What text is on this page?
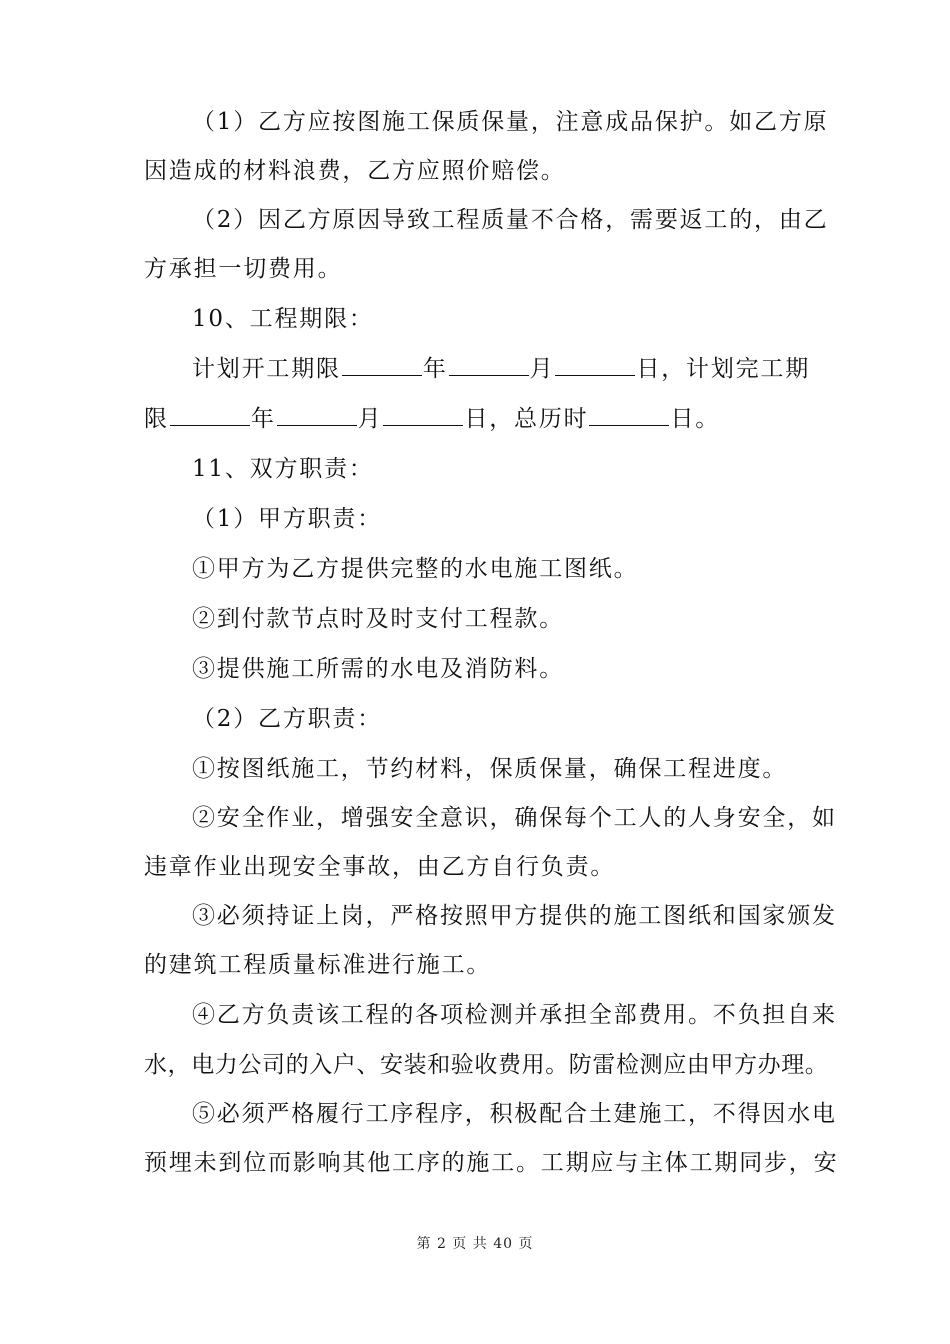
（1）乙方应按图施工保质保量，注意成品保护。如乙方原
因造成的材料浪费，乙方应照价赔偿。
（2）因乙方原因导致工程质量不合格，需要返工的，由乙
方承担一切费用。
10、工程期限：
计划开工期限	年	月	日，计划完工期
限	年	月	日，总历时	日。
11、双方职责：
（1）甲方职责：
①甲方为乙方提供完整的水电施工图纸。
②到付款节点时及时支付工程款。
③提供施工所需的水电及消防料。
（2）乙方职责：
①按图纸施工，节约材料，保质保量，确保工程进度。
②安全作业，增强安全意识，确保每个工人的人身安全，如
违章作业出现安全事故，由乙方自行负责。
③必须持证上岗，严格按照甲方提供的施工图纸和国家颁发
的建筑工程质量标准进行施工。
④乙方负责该工程的各项检测并承担全部费用。不负担自来
水，电力公司的入户、安装和验收费用。防雷检测应由甲方办理。
⑤必须严格履行工序程序，积极配合土建施工，不得因水电
预埋未到位而影响其他工序的施工。工期应与主体工期同步，安
第 2 页 共 40 页
